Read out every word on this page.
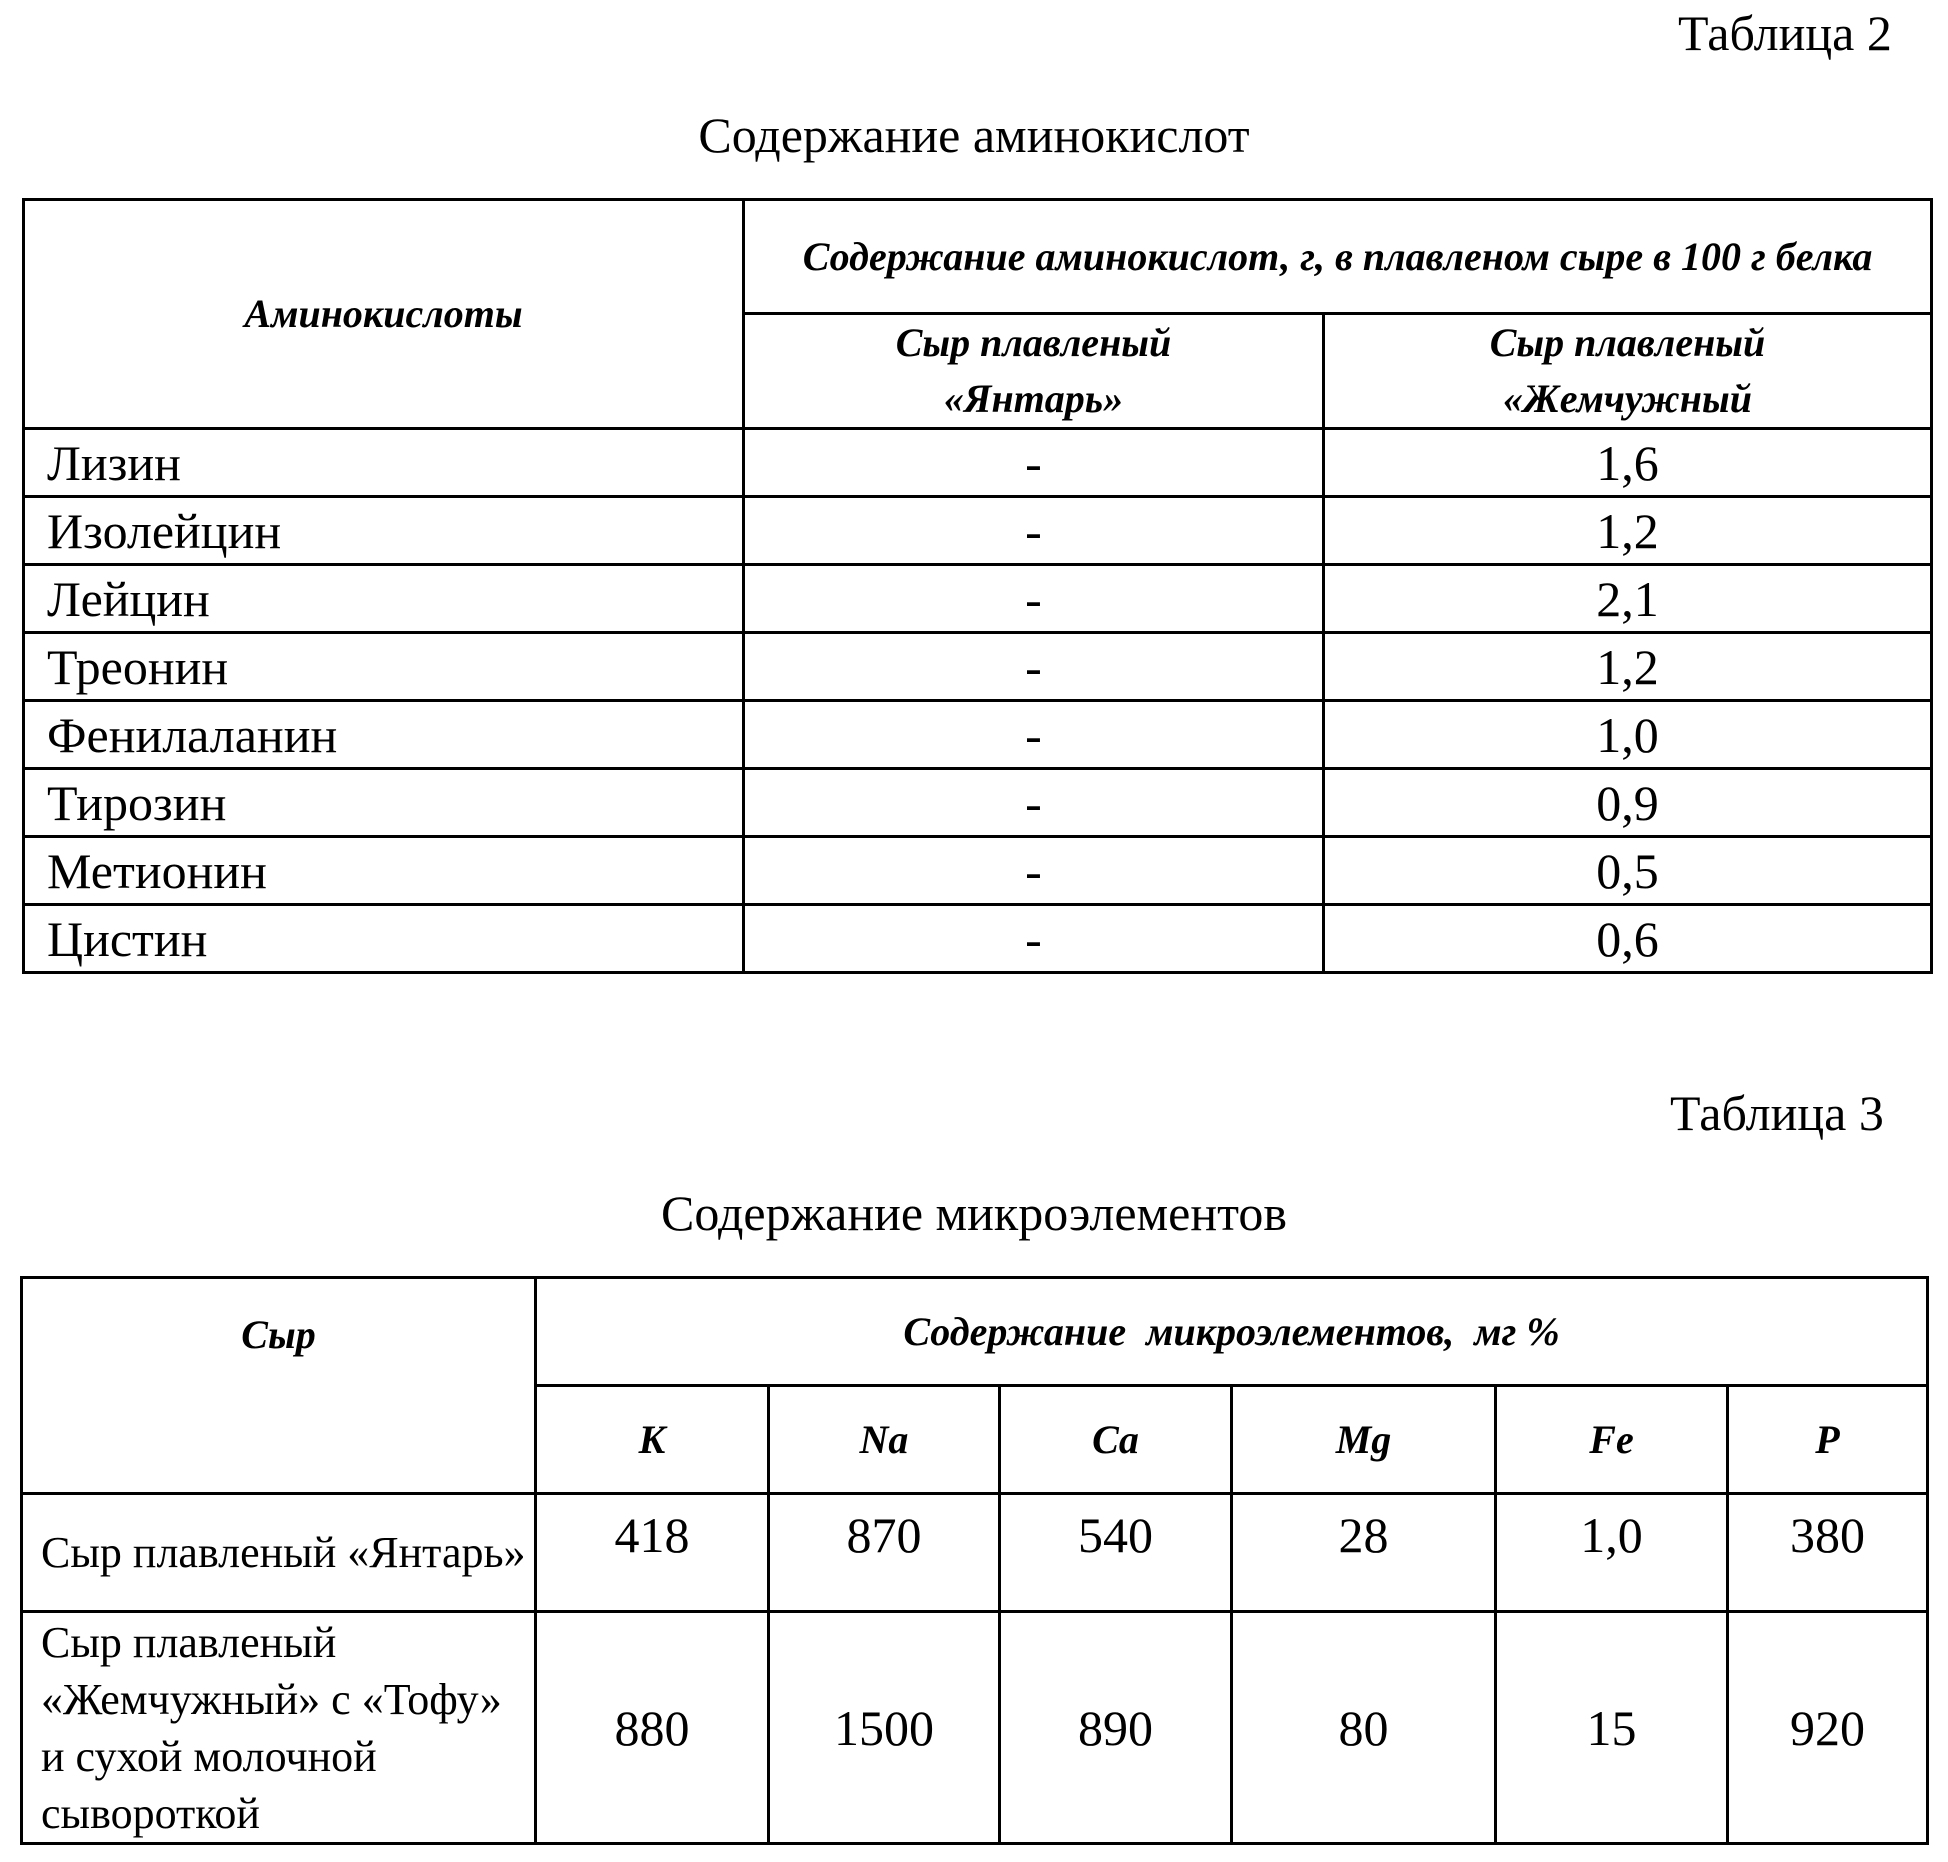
Таблица 2
Содержание аминокислот
Аминокислоты	Содержание аминокислот, г, в плавленом сыре в 100 г белка	
	Сыр плавленый «Янтарь»	Сыр плавленый «Жемчужный
Лизин	-	1,6
Изолейцин	-	1,2
Лейцин	-	2,1
Треонин	-	1,2
Фенилаланин	-	1,0
Тирозин	-	0,9
Метионин	-	0,5
Цистин	-	0,6
Таблица 3
Содержание микроэлементов
Сыр	Содержание  микроэлементов,  мг %					
	K	Na	Ca	Mg	Fe	P
Сыр плавленый «Янтарь»	418	870	540	28	1,0	380
Сыр плавленый «Жемчужный» с «Тофу» и сухой молочной сывороткой	880	1500	890	80	15	920
